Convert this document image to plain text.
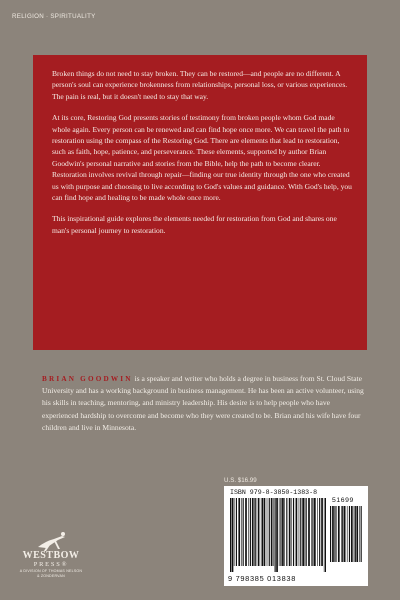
RELIGION · SPIRITUALITY

Broken things do not need to stay broken. They can be restored—and people are no different. A person's soul can experience brokenness from relationships, personal loss, or various experiences. The pain is real, but it doesn't need to stay that way.

At its core, Restoring God presents stories of testimony from broken people whom God made whole again. Every person can be renewed and can find hope once more. We can travel the path to restoration using the compass of the Restoring God. There are elements that lead to restoration, such as faith, hope, patience, and perseverance. These elements, supported by author Brian Goodwin's personal narrative and stories from the Bible, help the path to become clearer. Restoration involves revival through repair—finding our true identity through the one who created us with purpose and choosing to live according to God's values and guidance. With God's help, you can find hope and healing to be made whole once more.

This inspirational guide explores the elements needed for restoration from God and shares one man's personal journey to restoration.

BRIAN GOODWIN is a speaker and writer who holds a degree in business from St. Cloud State University and has a working background in business management. He has been an active volunteer, using his skills in teaching, mentoring, and ministry leadership. His desire is to help people who have experienced hardship to overcome and become who they were created to be. Brian and his wife have four children and live in Minnesota.
U.S. $16.99
ISBN 979-8-3850-1383-8
51699
9 798385 013838
WESTBOW
PRESS®
A DIVISION OF THOMAS NELSON
& ZONDERVAN
